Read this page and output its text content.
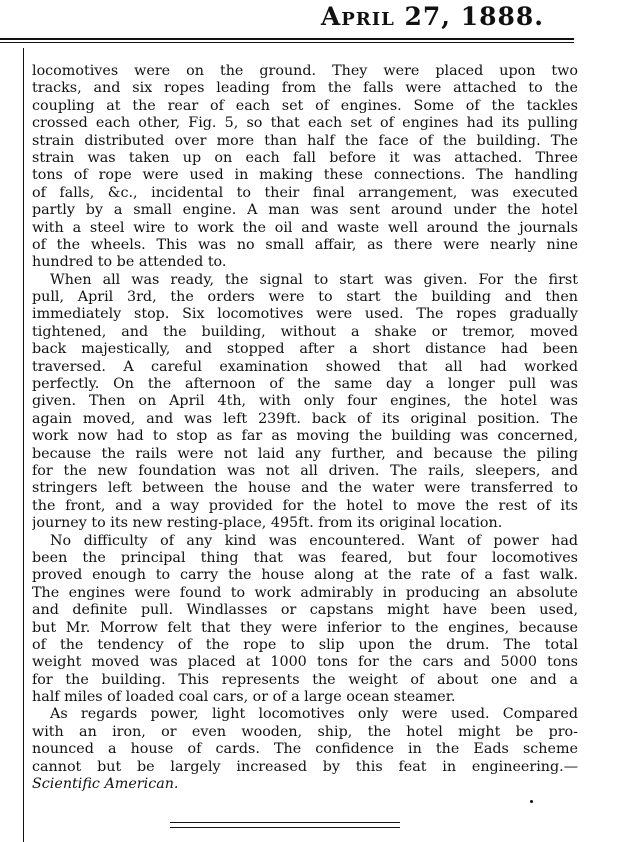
April 27, 1888.
locomotives were on the ground. They were placed upon two
tracks, and six ropes leading from the falls were attached to the
coupling at the rear of each set of engines. Some of the tackles
crossed each other, Fig. 5, so that each set of engines had its pulling
strain distributed over more than half the face of the building. The
strain was taken up on each fall before it was attached. Three
tons of rope were used in making these connections. The handling
of falls, &c., incidental to their final arrangement, was executed
partly by a small engine. A man was sent around under the hotel
with a steel wire to work the oil and waste well around the journals
of the wheels. This was no small affair, as there were nearly nine
hundred to be attended to.
When all was ready, the signal to start was given. For the first
pull, April 3rd, the orders were to start the building and then
immediately stop. Six locomotives were used. The ropes gradually
tightened, and the building, without a shake or tremor, moved
back majestically, and stopped after a short distance had been
traversed. A careful examination showed that all had worked
perfectly. On the afternoon of the same day a longer pull was
given. Then on April 4th, with only four engines, the hotel was
again moved, and was left 239ft. back of its original position. The
work now had to stop as far as moving the building was concerned,
because the rails were not laid any further, and because the piling
for the new foundation was not all driven. The rails, sleepers, and
stringers left between the house and the water were transferred to
the front, and a way provided for the hotel to move the rest of its
journey to its new resting-place, 495ft. from its original location.
No difficulty of any kind was encountered. Want of power had
been the principal thing that was feared, but four locomotives
proved enough to carry the house along at the rate of a fast walk.
The engines were found to work admirably in producing an absolute
and definite pull. Windlasses or capstans might have been used,
but Mr. Morrow felt that they were inferior to the engines, because
of the tendency of the rope to slip upon the drum. The total
weight moved was placed at 1000 tons for the cars and 5000 tons
for the building. This represents the weight of about one and a
half miles of loaded coal cars, or of a large ocean steamer.
As regards power, light locomotives only were used. Compared
with an iron, or even wooden, ship, the hotel might be pro-
nounced a house of cards. The confidence in the Eads scheme
cannot but be largely increased by this feat in engineering.—
Scientific American.
